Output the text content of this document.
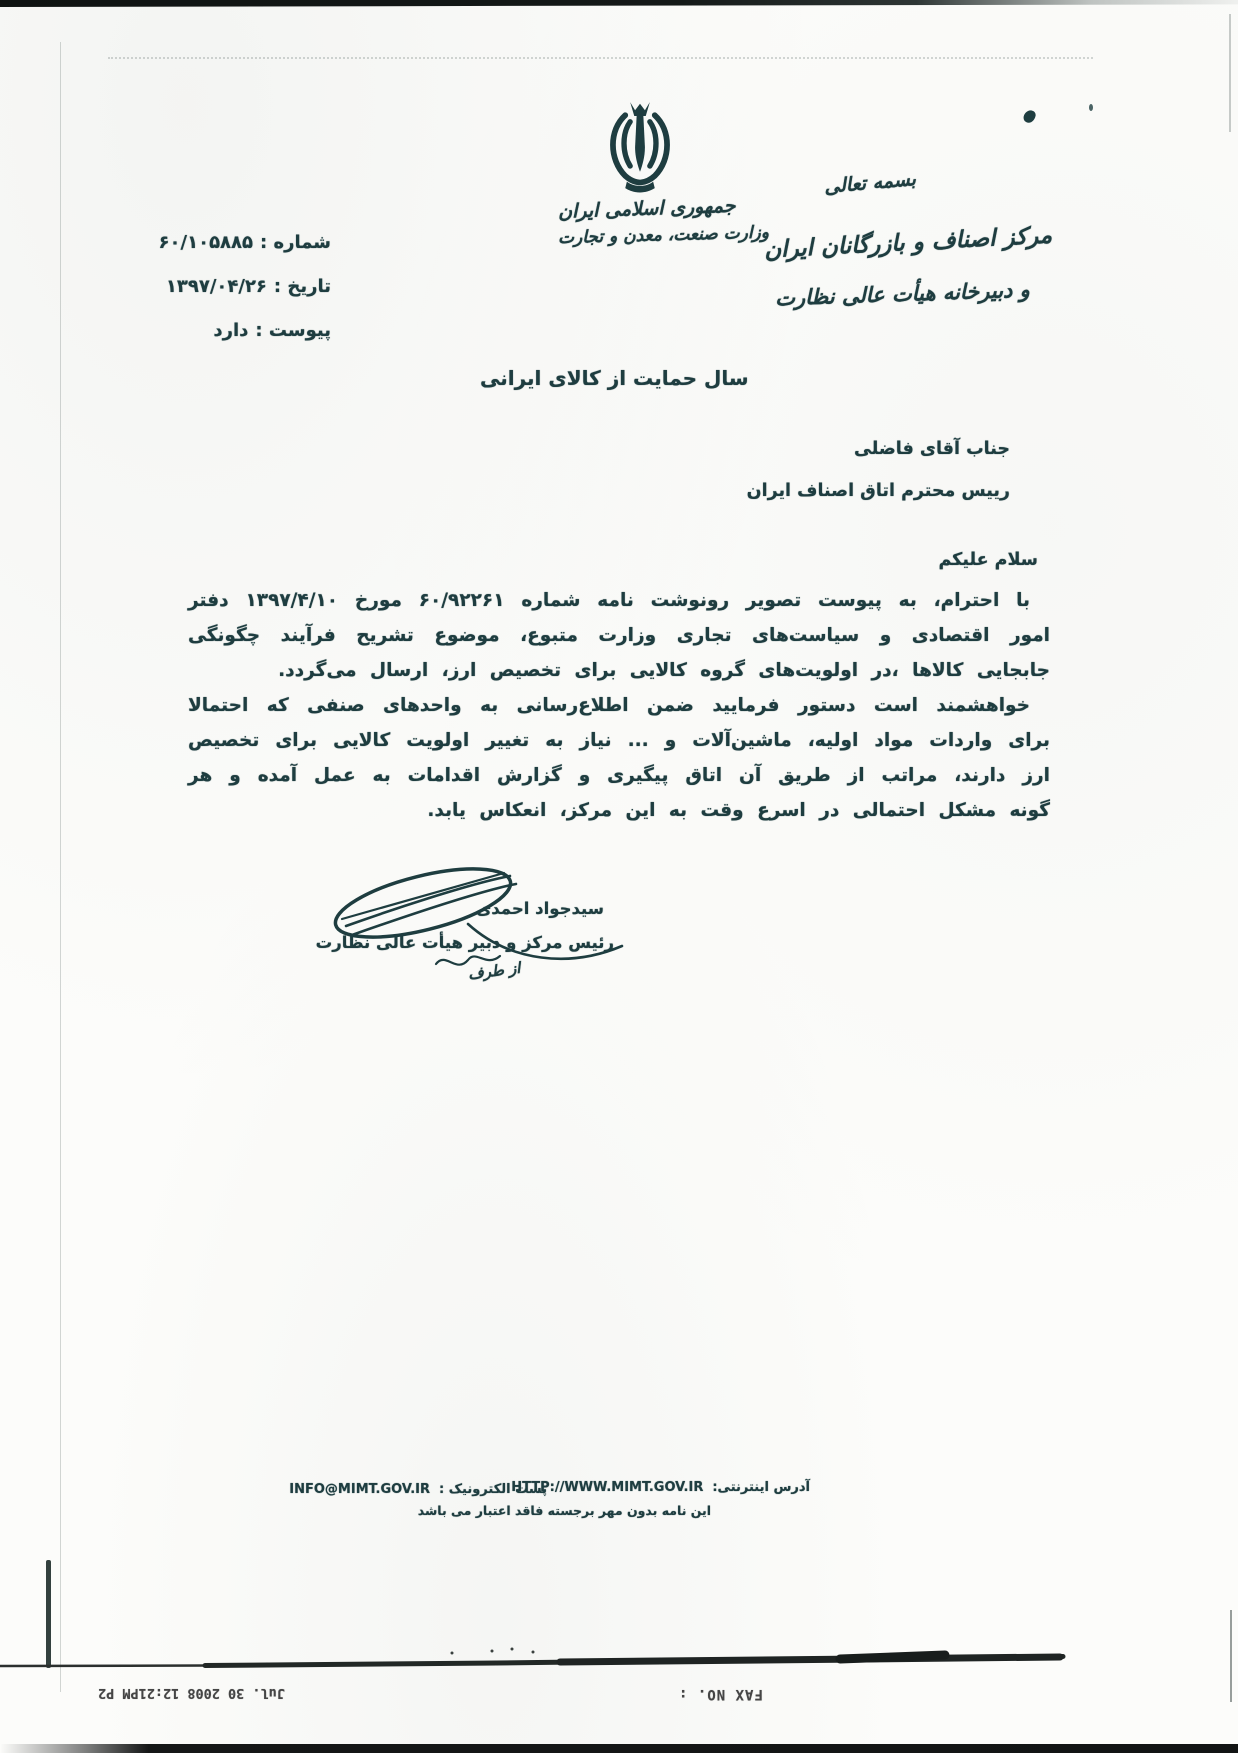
شماره :
۶۰/۱۰۵۸۸۵
تاریخ :
۱۳۹۷/۰۴/۲۶
پیوست :
دارد
جمهوری اسلامی ایران
وزارت صنعت، معدن و تجارت
بسمه تعالی
مرکز اصناف و بازرگانان ایران
و دبیرخانه هیأت عالی نظارت
سال حمایت از کالای ایرانی
جناب آقای فاضلی
رییس محترم اتاق اصناف ایران
سلام علیکم

با احترام، به پیوست تصویر رونوشت نامه شماره ۶۰/۹۲۲۶۱ مورخ ۱۳۹۷/۴/۱۰ دفتر امور اقتصادی و سیاست‌های تجاری وزارت متبوع، موضوع تشریح فرآیند چگونگی جابجایی کالاها ،در اولویت‌های گروه کالایی برای تخصیص ارز، ارسال می‌گردد.

خواهشمند است دستور فرمایید ضمن اطلاع‌رسانی به واحدهای صنفی که احتمالا برای واردات مواد اولیه، ماشین‌آلات و ... نیاز به تغییر اولویت کالایی برای تخصیص ارز دارند، مراتب از طریق آن اتاق پیگیری و گزارش اقدامات به عمل آمده و هر گونه مشکل احتمالی در اسرع وقت به این مرکز، انعکاس یابد.

سیدجواد احمدی
رئیس مرکز و دبیر هیأت عالی نظارت
از طرف
آدرس اینترنتی:
HTTP://WWW.MIMT.GOV.IR
پست الکترونیک :
INFO@MIMT.GOV.IR
این نامه بدون مهر برجسته فاقد اعتبار می باشد
FAX NO. :
Jul. 30 2008 12:21PM P2
